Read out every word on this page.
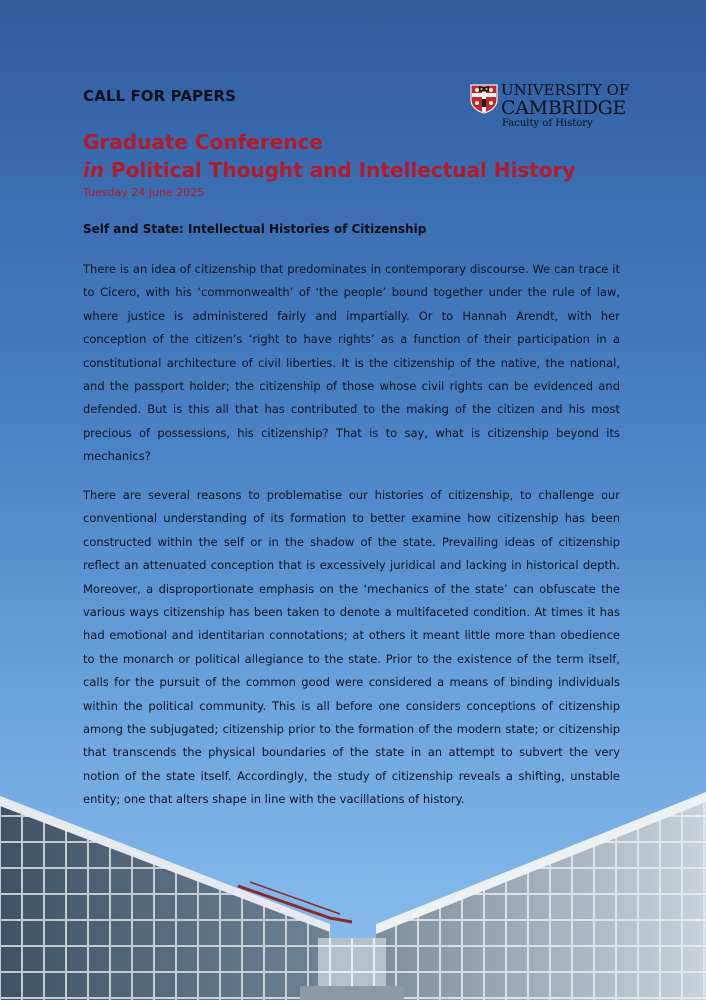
CALL FOR PAPERS	UNIVERSITY OF
CAMBRIDGE
Faculty of History
Graduate Conference
in Political Thought and Intellectual History
Tuesday 24 June 2025
Self and State: Intellectual Histories of Citizenship
There is an idea of citizenship that predominates in contemporary discourse. We can trace it to Cicero, with his ‘commonwealth’ of ‘the people’ bound together under the rule of law, where justice is administered fairly and impartially. Or to Hannah Arendt, with her conception of the citizen’s ‘right to have rights’ as a function of their participation in a constitutional architecture of civil liberties. It is the citizenship of the native, the national, and the passport holder; the citizenship of those whose civil rights can be evidenced and defended. But is this all that has contributed to the making of the citizen and his most precious of possessions, his citizenship? That is to say, what is citizenship beyond its mechanics?
There are several reasons to problematise our histories of citizenship, to challenge our conventional understanding of its formation to better examine how citizenship has been constructed within the self or in the shadow of the state. Prevailing ideas of citizenship reflect an attenuated conception that is excessively juridical and lacking in historical depth. Moreover, a disproportionate emphasis on the ‘mechanics of the state’ can obfuscate the various ways citizenship has been taken to denote a multifaceted condition. At times it has had emotional and identitarian connotations; at others it meant little more than obedience to the monarch or political allegiance to the state. Prior to the existence of the term itself, calls for the pursuit of the common good were considered a means of binding individuals within the political community. This is all before one considers conceptions of citizenship among the subjugated; citizenship prior to the formation of the modern state; or citizenship that transcends the physical boundaries of the state in an attempt to subvert the very notion of the state itself. Accordingly, the study of citizenship reveals a shifting, unstable entity; one that alters shape in line with the vacillations of history.
